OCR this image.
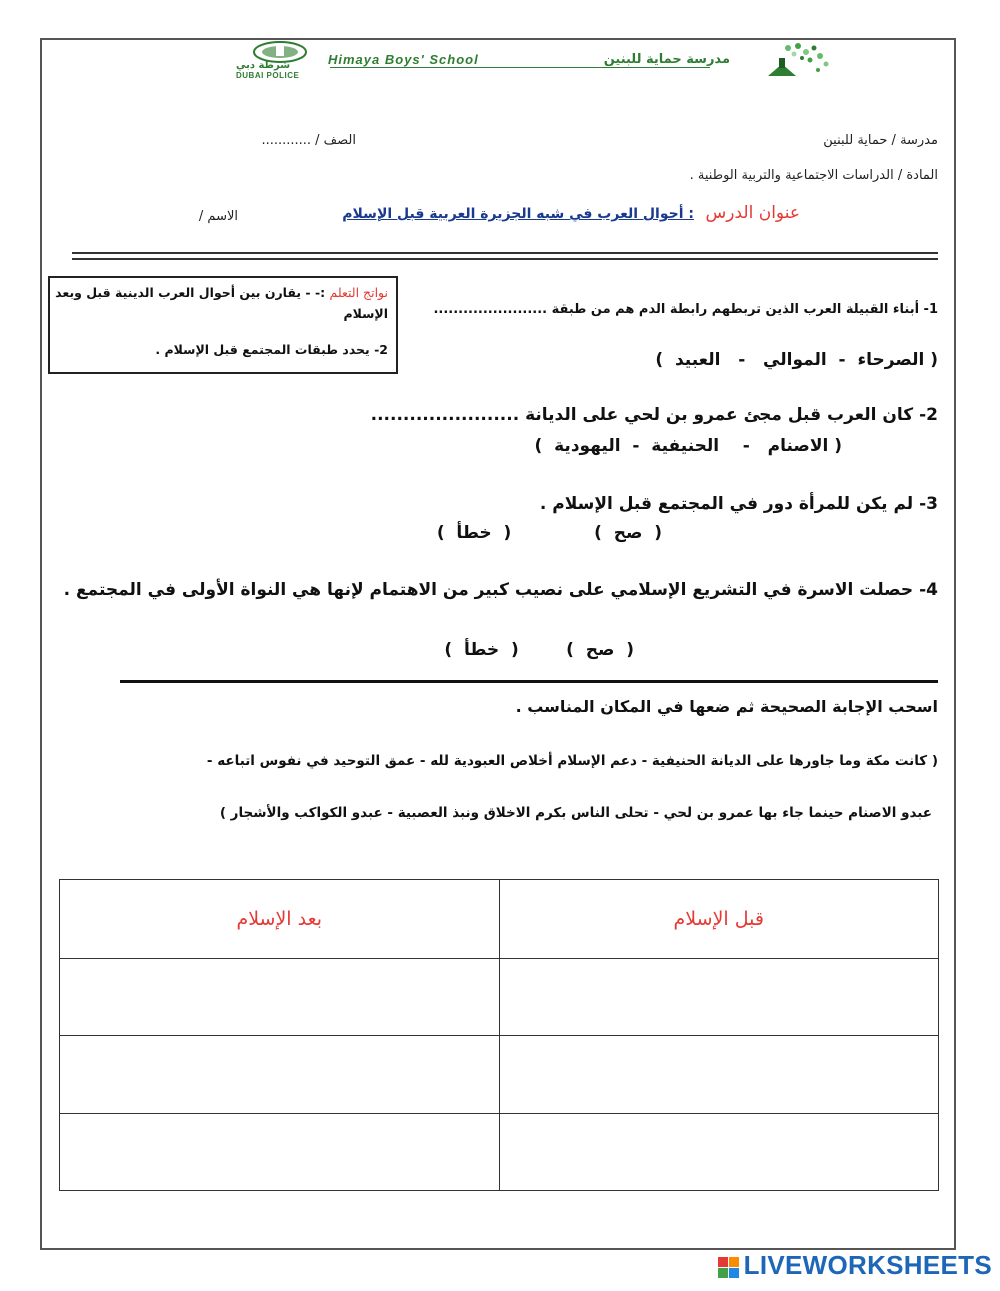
شرطة دبي
DUBAI POLICE
Himaya Boys' School	مدرسة حماية للبنين
مدرسة / حماية للبنين
الصف / ............
المادة / الدراسات الاجتماعية والتربية الوطنية .
عنوان الدرس
: أحوال العرب في شبه الجزيرة العربية قبل الإسلام
الاسم /
نواتج التعلم :- - يقارن بين أحوال العرب الدينية قبل وبعد الإسلام
2- يحدد طبقات المجتمع قبل الإسلام .
1- أبناء القبيلة العرب الذين تربطهم رابطة الدم هم من طبقة .......................
( الصرحاء  -  الموالي   -   العبيد  )
2- كان العرب قبل مجئ عمرو بن لحي على الديانة .......................
( الاصنام   -    الحنيفية  -  اليهودية  )
3- لم يكن للمرأة دور في المجتمع قبل الإسلام .
(  صح  )              (  خطأ  )
4- حصلت الاسرة في التشريع الإسلامي على نصيب كبير من الاهتمام لإنها هي النواة الأولى في المجتمع .
(  صح  )        (  خطأ  )
اسحب الإجابة الصحيحة ثم ضعها في المكان المناسب .
( كانت مكة وما جاورها على الديانة الحنيفية - دعم الإسلام أخلاص العبودية لله - عمق التوحيد في نفوس اتباعه -
عبدو الاصنام حينما جاء بها عمرو بن لحي - تحلى الناس بكرم الاخلاق ونبذ العصبية - عبدو الكواكب والأشجار )
قبل الإسلام	بعد الإسلام

LIVEWORKSHEETS
